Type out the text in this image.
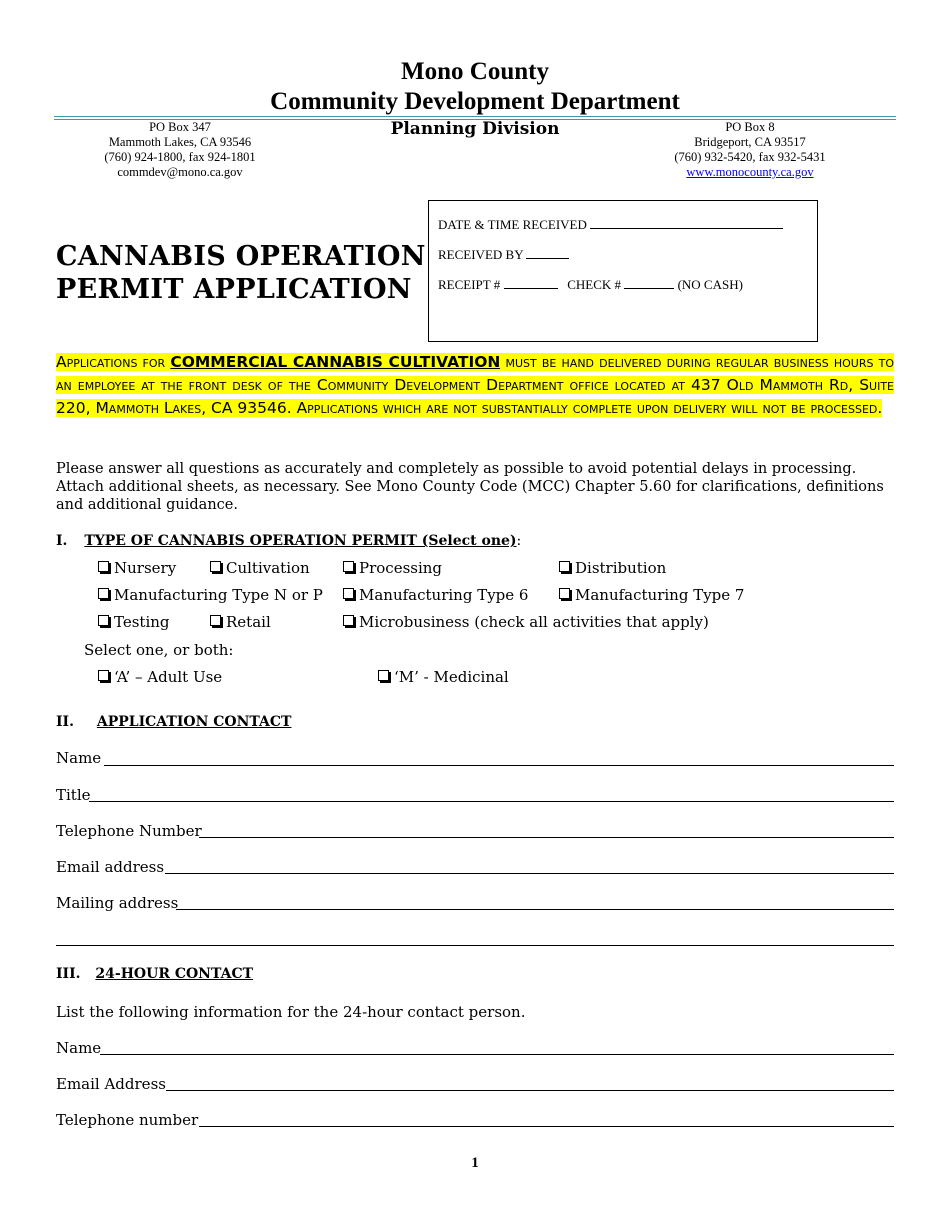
Mono County
Community Development Department
PO Box 347
Mammoth Lakes, CA 93546
(760) 924-1800, fax 924-1801
commdev@mono.ca.gov
Planning Division	PO Box 8
Bridgeport, CA 93517
(760) 932-5420, fax 932-5431
www.monocounty.ca.gov
CANNABIS OPERATION
PERMIT APPLICATION
DATE & TIME RECEIVED
RECEIVED BY
RECEIPT #	CHECK #	(NO CASH)
Applications for COMMERCIAL CANNABIS CULTIVATION must be hand delivered during regular business hours to an employee at the front desk of the Community Development Department office located at 437 Old Mammoth Rd, Suite 220, Mammoth Lakes, CA 93546. Applications which are not substantially complete upon delivery will not be processed.
Please answer all questions as accurately and completely as possible to avoid potential delays in processing. Attach additional sheets, as necessary. See Mono County Code (MCC) Chapter 5.60 for clarifications, definitions and additional guidance.
I. TYPE OF CANNABIS OPERATION PERMIT (Select one):
Nursery	Cultivation	Processing	Distribution
Manufacturing Type N or P	Manufacturing Type 6	Manufacturing Type 7
Testing	Retail	Microbusiness (check all activities that apply)
Select one, or both:
‘A’ – Adult Use	‘M’ - Medicinal
II. APPLICATION CONTACT
Name
Title
Telephone Number
Email address
Mailing address
III. 24-HOUR CONTACT
List the following information for the 24-hour contact person.
Name
Email Address
Telephone number
1
